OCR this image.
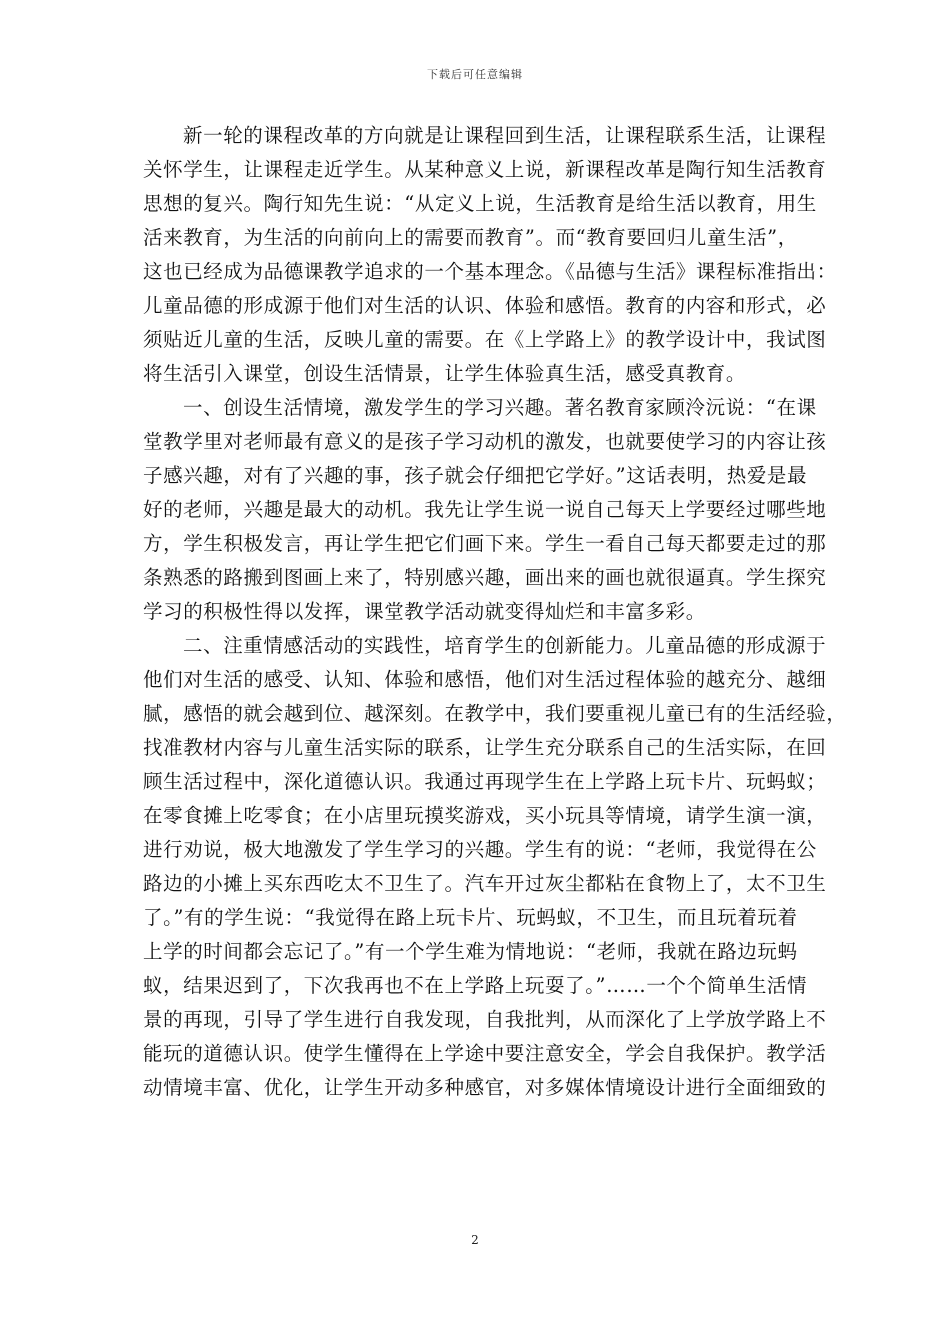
下载后可任意编辑
新一轮的课程改革的方向就是让课程回到生活，让课程联系生活，让课程
关怀学生，让课程走近学生。从某种意义上说，新课程改革是陶行知生活教育
思想的复兴。陶行知先生说：“从定义上说，生活教育是给生活以教育，用生
活来教育，为生活的向前向上的需要而教育”。而“教育要回归儿童生活”，
这也已经成为品德课教学追求的一个基本理念。《品德与生活》课程标准指出：
儿童品德的形成源于他们对生活的认识、体验和感悟。教育的内容和形式，必
须贴近儿童的生活，反映儿童的需要。在《上学路上》的教学设计中，我试图
将生活引入课堂，创设生活情景，让学生体验真生活，感受真教育。
一、创设生活情境，激发学生的学习兴趣。著名教育家顾泠沅说：“在课
堂教学里对老师最有意义的是孩子学习动机的激发，也就要使学习的内容让孩
子感兴趣，对有了兴趣的事，孩子就会仔细把它学好。”这话表明，热爱是最
好的老师，兴趣是最大的动机。我先让学生说一说自己每天上学要经过哪些地
方，学生积极发言，再让学生把它们画下来。学生一看自己每天都要走过的那
条熟悉的路搬到图画上来了，特别感兴趣，画出来的画也就很逼真。学生探究
学习的积极性得以发挥，课堂教学活动就变得灿烂和丰富多彩。
二、注重情感活动的实践性，培育学生的创新能力。儿童品德的形成源于
他们对生活的感受、认知、体验和感悟，他们对生活过程体验的越充分、越细
腻，感悟的就会越到位、越深刻。在教学中，我们要重视儿童已有的生活经验，
找准教材内容与儿童生活实际的联系，让学生充分联系自己的生活实际，在回
顾生活过程中，深化道德认识。我通过再现学生在上学路上玩卡片、玩蚂蚁；
在零食摊上吃零食；在小店里玩摸奖游戏，买小玩具等情境，请学生演一演，
进行劝说，极大地激发了学生学习的兴趣。学生有的说：“老师，我觉得在公
路边的小摊上买东西吃太不卫生了。汽车开过灰尘都粘在食物上了，太不卫生
了。”有的学生说：“我觉得在路上玩卡片、玩蚂蚁，不卫生，而且玩着玩着
上学的时间都会忘记了。”有一个学生难为情地说：“老师，我就在路边玩蚂
蚁，结果迟到了，下次我再也不在上学路上玩耍了。”……一个个简单生活情
景的再现，引导了学生进行自我发现，自我批判，从而深化了上学放学路上不
能玩的道德认识。使学生懂得在上学途中要注意安全，学会自我保护。教学活
动情境丰富、优化，让学生开动多种感官，对多媒体情境设计进行全面细致的
2
